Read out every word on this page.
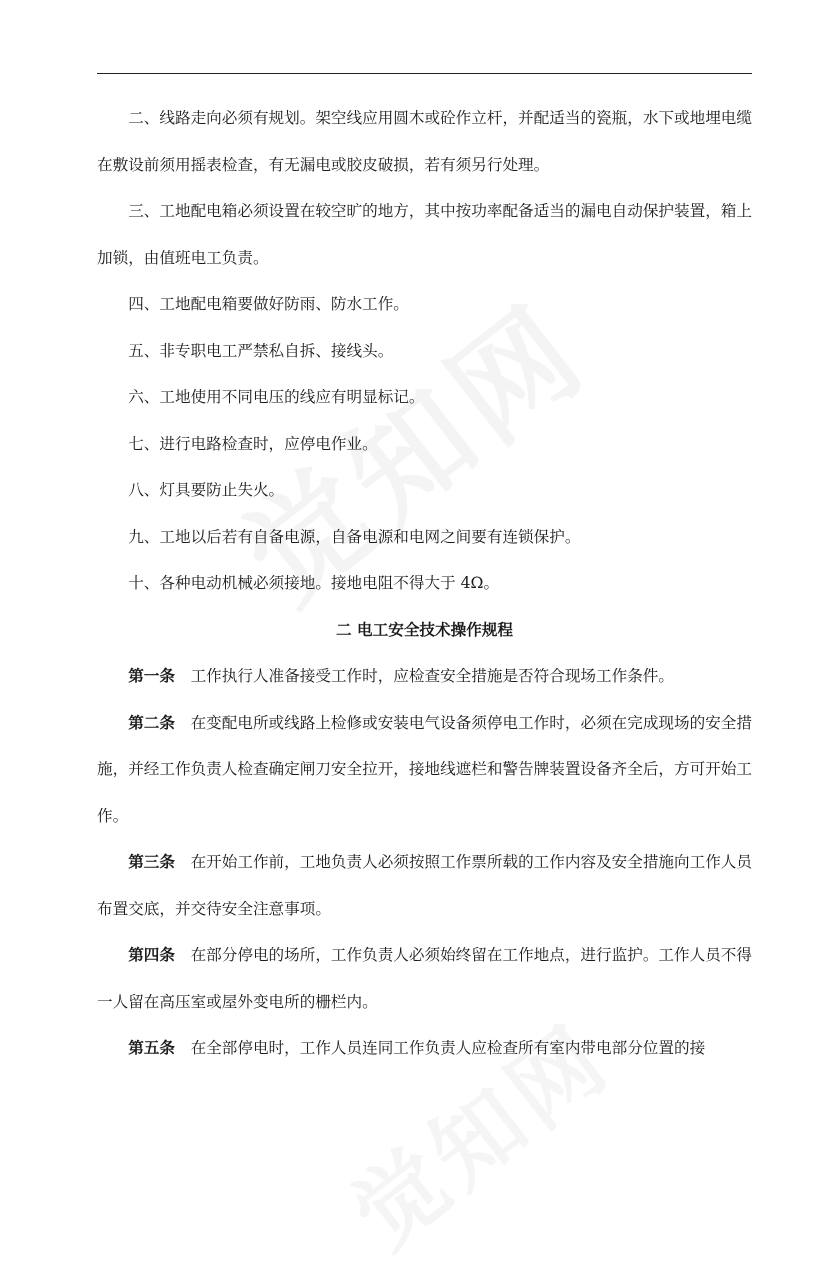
二、线路走向必须有规划。架空线应用圆木或砼作立杆，并配适当的瓷瓶，水下或地埋电缆在敷设前须用摇表检查，有无漏电或胶皮破损，若有须另行处理。

三、工地配电箱必须设置在较空旷的地方，其中按功率配备适当的漏电自动保护装置，箱上加锁，由值班电工负责。

四、工地配电箱要做好防雨、防水工作。

五、非专职电工严禁私自拆、接线头。

六、工地使用不同电压的线应有明显标记。

七、进行电路检查时，应停电作业。

八、灯具要防止失火。

九、工地以后若有自备电源，自备电源和电网之间要有连锁保护。

十、各种电动机械必须接地。接地电阻不得大于 4Ω。

二 电工安全技术操作规程

第一条 工作执行人准备接受工作时，应检查安全措施是否符合现场工作条件。

第二条 在变配电所或线路上检修或安装电气设备须停电工作时，必须在完成现场的安全措施，并经工作负责人检查确定闸刀安全拉开，接地线遮栏和警告牌装置设备齐全后，方可开始工作。

第三条 在开始工作前，工地负责人必须按照工作票所载的工作内容及安全措施向工作人员布置交底，并交待安全注意事项。

第四条 在部分停电的场所，工作负责人必须始终留在工作地点，进行监护。工作人员不得一人留在高压室或屋外变电所的栅栏内。

第五条 在全部停电时，工作人员连同工作负责人应检查所有室内带电部分位置的接
